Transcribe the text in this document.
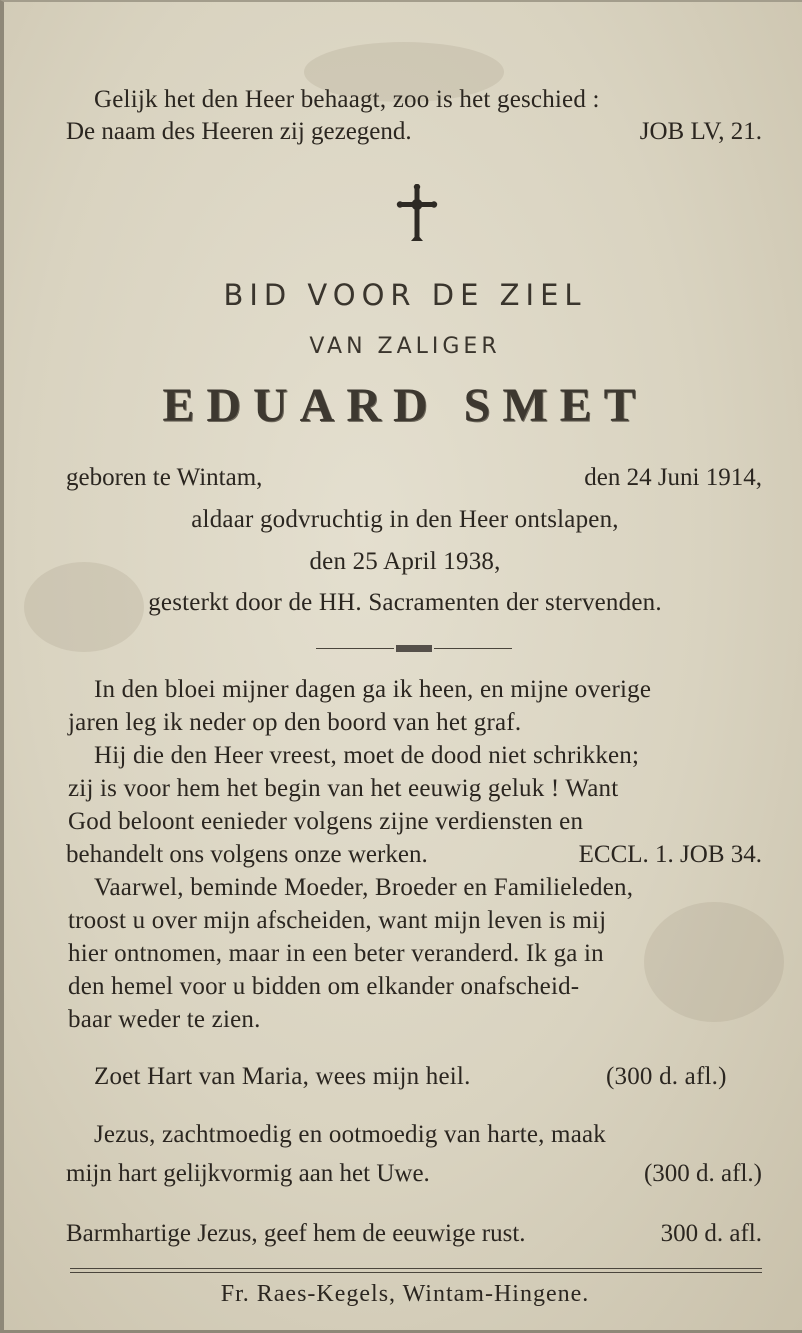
Gelijk het den Heer behaagt, zoo is het geschied :
De naam des Heeren zij gezegend.	JOB LV, 21.
BID VOOR DE ZIEL
VAN ZALIGER
EDUARD SMET
geboren te Wintam,	den 24 Juni 1914,
aldaar godvruchtig in den Heer ontslapen,
den 25 April 1938,
gesterkt door de HH. Sacramenten der stervenden.
In den bloei mijner dagen ga ik heen, en mijne overige
jaren leg ik neder op den boord van het graf.
Hij die den Heer vreest, moet de dood niet schrikken;
zij is voor hem het begin van het eeuwig geluk ! Want
God beloont eenieder volgens zijne verdiensten en
behandelt ons volgens onze werken.	ECCL. 1. JOB 34.
Vaarwel, beminde Moeder, Broeder en Familieleden,
troost u over mijn afscheiden, want mijn leven is mij
hier ontnomen, maar in een beter veranderd. Ik ga in
den hemel voor u bidden om elkander onafscheid-
baar weder te zien.
Zoet Hart van Maria, wees mijn heil.	(300 d. afl.)
Jezus, zachtmoedig en ootmoedig van harte, maak
mijn hart gelijkvormig aan het Uwe.	(300 d. afl.)
Barmhartige Jezus, geef hem de eeuwige rust.	300 d. afl.
Fr. Raes-Kegels, Wintam-Hingene.
